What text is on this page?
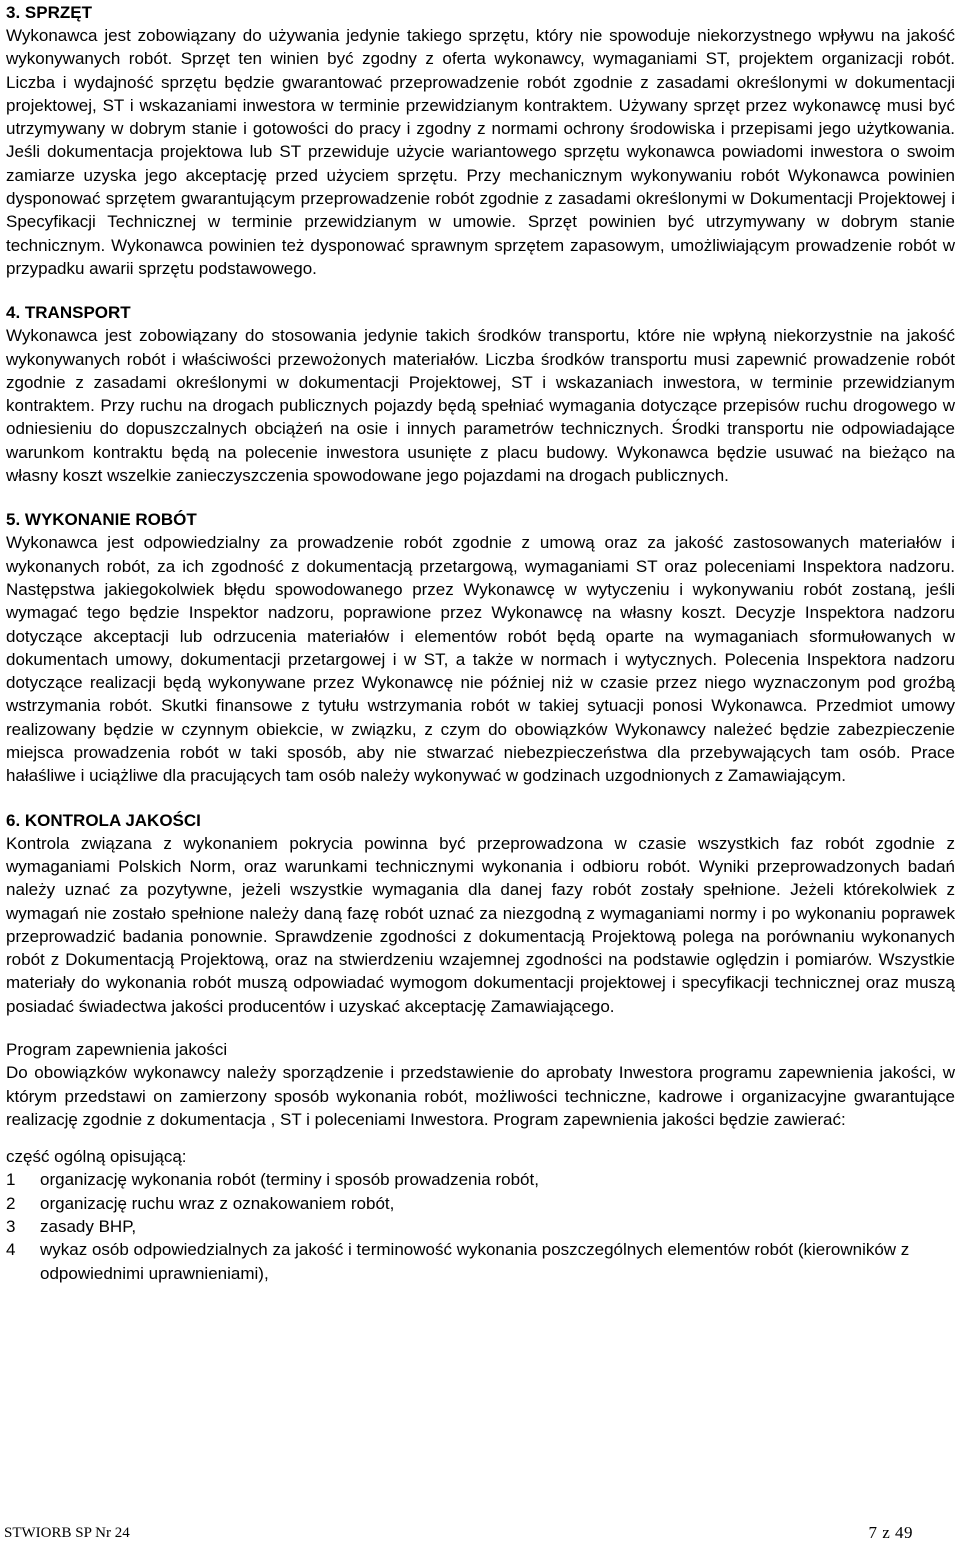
3. SPRZĘT

Wykonawca jest zobowiązany do używania jedynie takiego sprzętu, który nie spowoduje niekorzystnego wpływu na jakość wykonywanych robót. Sprzęt ten winien być zgodny z oferta wykonawcy, wymaganiami ST, projektem organizacji robót. Liczba i wydajność sprzętu będzie gwarantować przeprowadzenie robót zgodnie z zasadami określonymi w dokumentacji projektowej, ST i wskazaniami inwestora w terminie przewidzianym kontraktem. Używany sprzęt przez wykonawcę musi być utrzymywany w dobrym stanie i gotowości do pracy i zgodny z normami ochrony środowiska i przepisami jego użytkowania. Jeśli dokumentacja projektowa lub ST przewiduje użycie wariantowego sprzętu wykonawca powiadomi inwestora o swoim zamiarze uzyska jego akceptację przed użyciem sprzętu. Przy mechanicznym wykonywaniu robót Wykonawca powinien dysponować sprzętem gwarantującym przeprowadzenie robót zgodnie z zasadami określonymi w Dokumentacji Projektowej i Specyfikacji Technicznej w terminie przewidzianym w umowie. Sprzęt powinien być utrzymywany w dobrym stanie technicznym. Wykonawca powinien też dysponować sprawnym sprzętem zapasowym, umożliwiającym prowadzenie robót w przypadku awarii sprzętu podstawowego.

4. TRANSPORT

Wykonawca jest zobowiązany do stosowania jedynie takich środków transportu, które nie wpłyną niekorzystnie na jakość wykonywanych robót i właściwości przewożonych materiałów. Liczba środków transportu musi zapewnić prowadzenie robót zgodnie z zasadami określonymi w dokumentacji Projektowej, ST i wskazaniach inwestora, w terminie przewidzianym kontraktem. Przy ruchu na drogach publicznych pojazdy będą spełniać wymagania dotyczące przepisów ruchu drogowego w odniesieniu do dopuszczalnych obciążeń na osie i innych parametrów technicznych. Środki transportu nie odpowiadające warunkom kontraktu będą na polecenie inwestora usunięte z placu budowy. Wykonawca będzie usuwać na bieżąco na własny koszt wszelkie zanieczyszczenia spowodowane jego pojazdami na drogach publicznych.

5. WYKONANIE ROBÓT

Wykonawca jest odpowiedzialny za prowadzenie robót zgodnie z umową oraz za jakość zastosowanych materiałów i wykonanych robót, za ich zgodność z dokumentacją przetargową, wymaganiami ST oraz poleceniami Inspektora nadzoru. Następstwa jakiegokolwiek błędu spowodowanego przez Wykonawcę w wytyczeniu i wykonywaniu robót zostaną, jeśli wymagać tego będzie Inspektor nadzoru, poprawione przez Wykonawcę na własny koszt. Decyzje Inspektora nadzoru dotyczące akceptacji lub odrzucenia materiałów i elementów robót będą oparte na wymaganiach sformułowanych w dokumentach umowy, dokumentacji przetargowej i w ST, a także w normach i wytycznych. Polecenia Inspektora nadzoru dotyczące realizacji będą wykonywane przez Wykonawcę nie później niż w czasie przez niego wyznaczonym pod groźbą wstrzymania robót. Skutki finansowe z tytułu wstrzymania robót w takiej sytuacji ponosi Wykonawca. Przedmiot umowy realizowany będzie w czynnym obiekcie, w związku, z czym do obowiązków Wykonawcy należeć będzie zabezpieczenie miejsca prowadzenia robót w taki sposób, aby nie stwarzać niebezpieczeństwa dla przebywających tam osób. Prace hałaśliwe i uciążliwe dla pracujących tam osób należy wykonywać w godzinach uzgodnionych z Zamawiającym.

6. KONTROLA JAKOŚCI

Kontrola związana z wykonaniem pokrycia powinna być przeprowadzona w czasie wszystkich faz robót zgodnie z wymaganiami Polskich Norm, oraz warunkami technicznymi wykonania i odbioru robót. Wyniki przeprowadzonych badań należy uznać za pozytywne, jeżeli wszystkie wymagania dla danej fazy robót zostały spełnione. Jeżeli którekolwiek z wymagań nie zostało spełnione należy daną fazę robót uznać za niezgodną z wymaganiami normy i po wykonaniu poprawek przeprowadzić badania ponownie. Sprawdzenie zgodności z dokumentacją Projektową polega na porównaniu wykonanych robót z Dokumentacją Projektową, oraz na stwierdzeniu wzajemnej zgodności na podstawie oględzin i pomiarów. Wszystkie materiały do wykonania robót muszą odpowiadać wymogom dokumentacji projektowej i specyfikacji technicznej oraz muszą posiadać świadectwa jakości producentów i uzyskać akceptację Zamawiającego.

Program zapewnienia jakości

Do obowiązków wykonawcy należy sporządzenie i przedstawienie do aprobaty Inwestora programu zapewnienia jakości, w którym przedstawi on zamierzony sposób wykonania robót, możliwości techniczne, kadrowe i organizacyjne gwarantujące realizację zgodnie z dokumentacja , ST i poleceniami Inwestora. Program zapewnienia jakości będzie zawierać:

część ogólną opisującą:

1	organizację wykonania robót (terminy i sposób prowadzenia robót,
2	organizację ruchu wraz z oznakowaniem robót,
3	zasady BHP,
4	wykaz osób odpowiedzialnych za jakość i terminowość wykonania poszczególnych elementów robót (kierowników z odpowiednimi uprawnieniami),
STWIORB SP Nr 24	7 z 49
